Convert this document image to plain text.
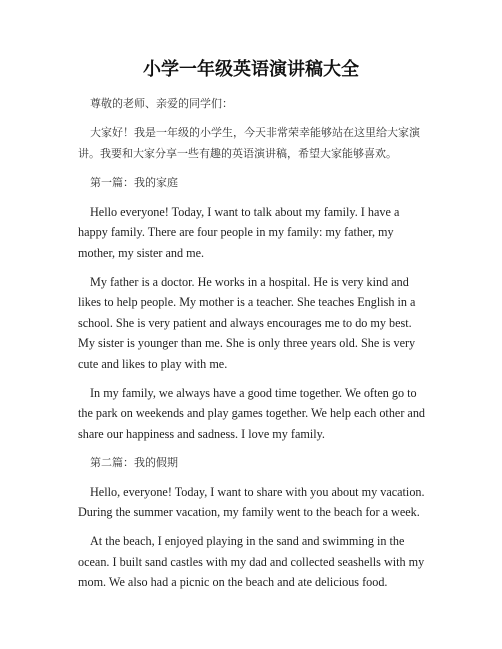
小学一年级英语演讲稿大全

尊敬的老师、亲爱的同学们：

大家好！我是一年级的小学生，今天非常荣幸能够站在这里给大家演讲。我要和大家分享一些有趣的英语演讲稿，希望大家能够喜欢。

第一篇：我的家庭

Hello everyone! Today, I want to talk about my family. I have a happy family. There are four people in my family: my father, my mother, my sister and me.

My father is a doctor. He works in a hospital. He is very kind and likes to help people. My mother is a teacher. She teaches English in a school. She is very patient and always encourages me to do my best. My sister is younger than me. She is only three years old. She is very cute and likes to play with me.

In my family, we always have a good time together. We often go to the park on weekends and play games together. We help each other and share our happiness and sadness. I love my family.

第二篇：我的假期

Hello, everyone! Today, I want to share with you about my vacation. During the summer vacation, my family went to the beach for a week.

At the beach, I enjoyed playing in the sand and swimming in the ocean. I built sand castles with my dad and collected seashells with my mom. We also had a picnic on the beach and ate delicious food.
